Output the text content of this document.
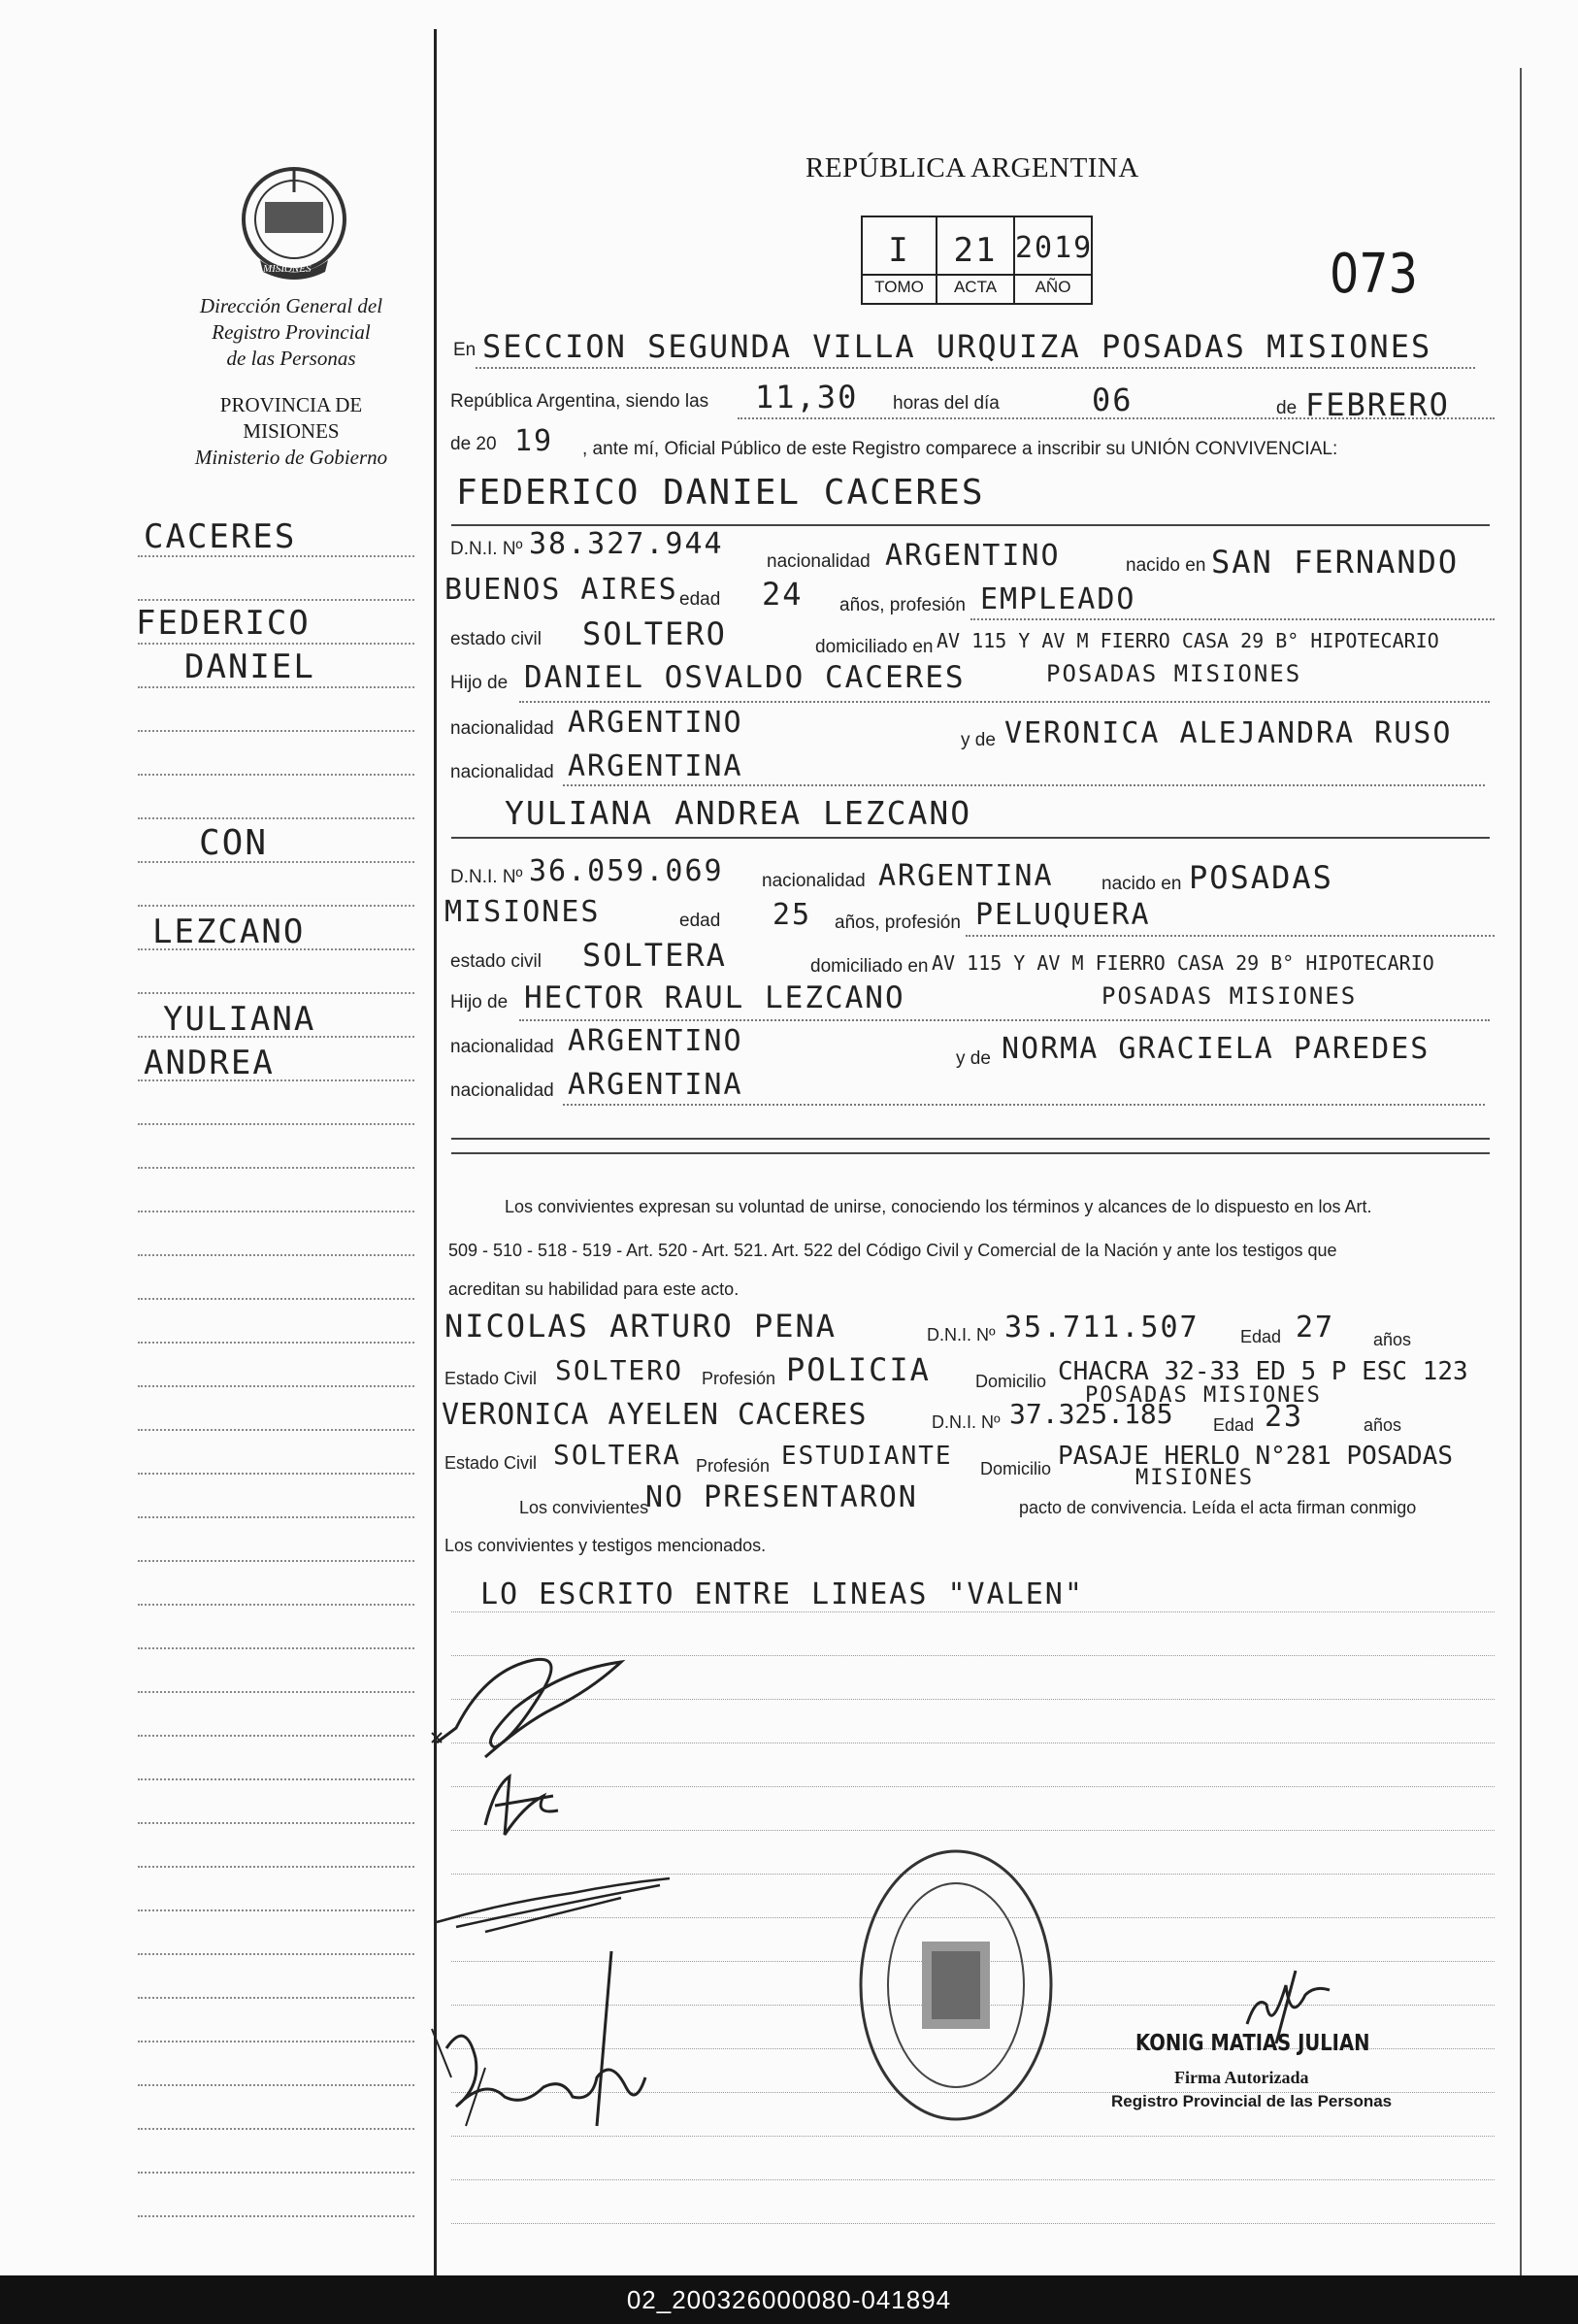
MISIONES
Dirección General del
Registro Provincial
de las Personas
PROVINCIA DE
MISIONES
Ministerio de Gobierno
CACERES
FEDERICO
DANIEL
CON
LEZCANO
YULIANA
ANDREA
REPÚBLICA ARGENTINA
I	21 2019
TOMO	ACTA	AÑO	073
En SECCION SEGUNDA VILLA URQUIZA POSADAS MISIONES
República Argentina, siendo las 11,30 horas del día	06	de FEBRERO
de 20 19 , ante mí, Oficial Público de este Registro comparece a inscribir su UNIÓN CONVIVENCIAL:
FEDERICO DANIEL CACERES
D.N.I. Nº 38.327.944
nacionalidad ARGENTINO	nacido en SAN FERNANDO
BUENOS AIRES edad 24 años, profesión EMPLEADO
estado civil SOLTERO	domiciliado en AV 115 Y AV M FIERRO CASA 29 B° HIPOTECARIO
Hijo de DANIEL OSVALDO CACERES	POSADAS MISIONES
nacionalidad ARGENTINO
y de VERONICA ALEJANDRA RUSO
nacionalidad ARGENTINA
YULIANA ANDREA LEZCANO
D.N.I. Nº 36.059.069 nacionalidad ARGENTINA	nacido en POSADAS
MISIONES	edad 25 años, profesión PELUQUERA
estado civil SOLTERA	domiciliado en AV 115 Y AV M FIERRO CASA 29 B° HIPOTECARIO
Hijo de HECTOR RAUL LEZCANO	POSADAS MISIONES
nacionalidad ARGENTINO
y de NORMA GRACIELA PAREDES
nacionalidad ARGENTINA
Los convivientes expresan su voluntad de unirse, conociendo los términos y alcances de lo dispuesto en los Art.
509 - 510 - 518 - 519 - Art. 520 - Art. 521. Art. 522 del Código Civil y Comercial de la Nación y ante los testigos que
acreditan su habilidad para este acto.
NICOLAS ARTURO PENA	D.N.I. Nº 35.711.507 Edad 27 años
Estado Civil SOLTERO Profesión POLICIA	Domicilio CHACRA 32-33 ED 5 P ESC 123
POSADAS MISIONES
VERONICA AYELEN CACERES	D.N.I. Nº 37.325.185 Edad 23	años
Estado Civil SOLTERA Profesión ESTUDIANTE Domicilio PASAJE HERLO N°281 POSADAS
MISIONES
Los convivientes
NO PRESENTARON	pacto de convivencia. Leída el acta firman conmigo
Los convivientes y testigos mencionados.
LO ESCRITO ENTRE LINEAS "VALEN"
KONIG MATIAS JULIAN
Firma Autorizada
Registro Provincial de las Personas
02_200326000080-041894
